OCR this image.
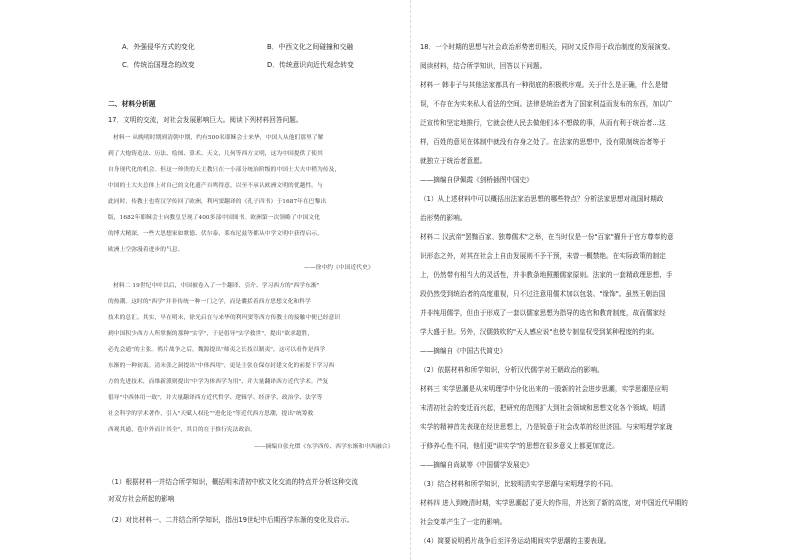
A．外强侵华方式的变化	B．中西文化之间碰撞和交融
C．传统治国理念的改变	D．传统意识向近代观念转变
二、材料分析题
17．文明的交流，对社会发展影响巨大。阅读下列材料回答问题。
材料一 从晚明时期到清朝中期，约有500名耶稣会士来华，中国人从他们那里了解
到了大炮铸造法、历法、绘图、算术、天文、几何等西方文明，这为中国提供了使其
自身现代化的机会。但这一珍贵的天主教只在一小部分统治阶级的中国士大夫中稍为传及，
中国的士大夫总体上对自己的文化遗产自鸣得意，以至不承认欧洲文明的优越性。与
此同时，传教士也将汉学传回了欧洲，利玛窦翻译的《孔子四书》于1687年在巴黎出
版，1682年耶稣会士向教皇呈现了400多部中国图书。欧洲第一次领略了中国文化
的博大精深，一些大思想家如歌德、伏尔泰、莱布尼兹等都从中学文明中获得启示，
欧洲上空弥漫着进步的气息。
——徐中约《中国近代史》
材料二 19世纪中叶以后，中国被卷入了一个翻译、引介、学习西方的"西学东渐"
的热潮。这时的"西学"并非传统一种一门之学，而是囊括着西方思想文化和科学
技术的总汇。其实，早在明末，徐光启在与来华的利玛窦等西方传教士的接触中便已经意识
到中国积少西方人所掌握的那种"实学"，于是倡导"实学救世"，提出"欲求超胜，
必先会通"的主张。鸦片战争之后，魏源提出"师夷之长技以制夷"，这可以看作是西学
东渐的一种初衷。清末张之洞提出"中体西用"，更是主张在保存封建文化的前提下学习西
方的先进技术，而维新派则提出"中学为体西学为用"，并大量翻译西方近代学术。严复
倡导"中西体用一致"，并大量翻译西方近代哲学、逻辑学、经济学、政治学、法学等
社会科学的学术著作，引入"天赋人权论""进化论"等近代西方思潮，提出"统筹救
西观其通，苞中外而计其全"，其目的在于推行宪法政治。
——摘编自张允熠《东学西传、西学东渐和中西融合》
（1）根据材料一并结合所学知识，概括明末清初中欧文化交流的特点并分析这种交流
对双方社会所起的影响
（2）对比材料一、二并结合所学知识，指出19世纪中后期西学东渐的变化及启示。
18．一个时期的思想与社会政治形势密切相关，同时又反作用于政治制度的发展演变。
阅读材料，结合所学知识，回答以下问题。
材料一 韩非子与其他法家都具有一种彻底的积极秩序观。关于什么是正确，什么是错
误，不存在为实来私人看法的空间。法律是统治者为了国家利益而发布的东西，加以广
泛宣传和坚定地推行，它就会使人民去做他们本不想做的事，从而有利于统治者...这
样，百姓的意见在体制中就没有存身之处了。在法家的思想中，没有限制统治者等于
就独立于统治者意愿。
——摘编自伊佩霞《剑桥插图中国史》
（1）从上述材料中可以概括出法家治思想的哪些特点？分析法家思想对战国时期政
治形势的影响。
材料二 汉武帝"罢黜百家、独尊儒术"之举，在当时仅是一份"百家"擢升于官方尊奉的意
识形态之外，对其在社会上自由发展则不予干预，未曾一概禁绝。在实际政策的制定
上，仍然带有相当大的灵活性，并非教条地照搬儒家原则。法家的一套精政理思想、手
段仍然受到统治者的高度重视，只不过注意用儒术加以包装、"缘饰"。虽然王朝治国
并非纯用儒学，但由于形成了一套以儒家思想为指导的选官和教育制度，故而儒家经
学大盛于世。另外，汉儒鼓吹的"天人感应说"也使专制皇权受到某种程度的约束。
——摘编自《中国古代简史》
（2）依据材料和所学知识，分析汉代儒学对王朝政治的影响。
材料三 实学思潮是从宋明理学中分化出来的一股新的社会进步思潮，实学思潮是应明
末清初社会的变迁而兴起，把研究的范围扩大到社会领域和思想文化各个领域。明清
实学的精神首先表现在经世思想上，乃是锐意于社会改革的经世济国。与宋明理学家珑
于修养心性不同，他们更"讲实学"的思想在很多意义上都更加宽泛。
——摘编自尚斌等《中国儒学发展史》
（3）结合材料和所学知识，比较明清实学思潮与宋明理学的不同。
材料四 进入到晚清时期，实学思潮起了更大的作用，并达到了新的高度，对中国近代早期的
社会变革产生了一定的影响。
（4）简要说明鸦片战争后至洋务运动期间实学思潮的主要表现。
